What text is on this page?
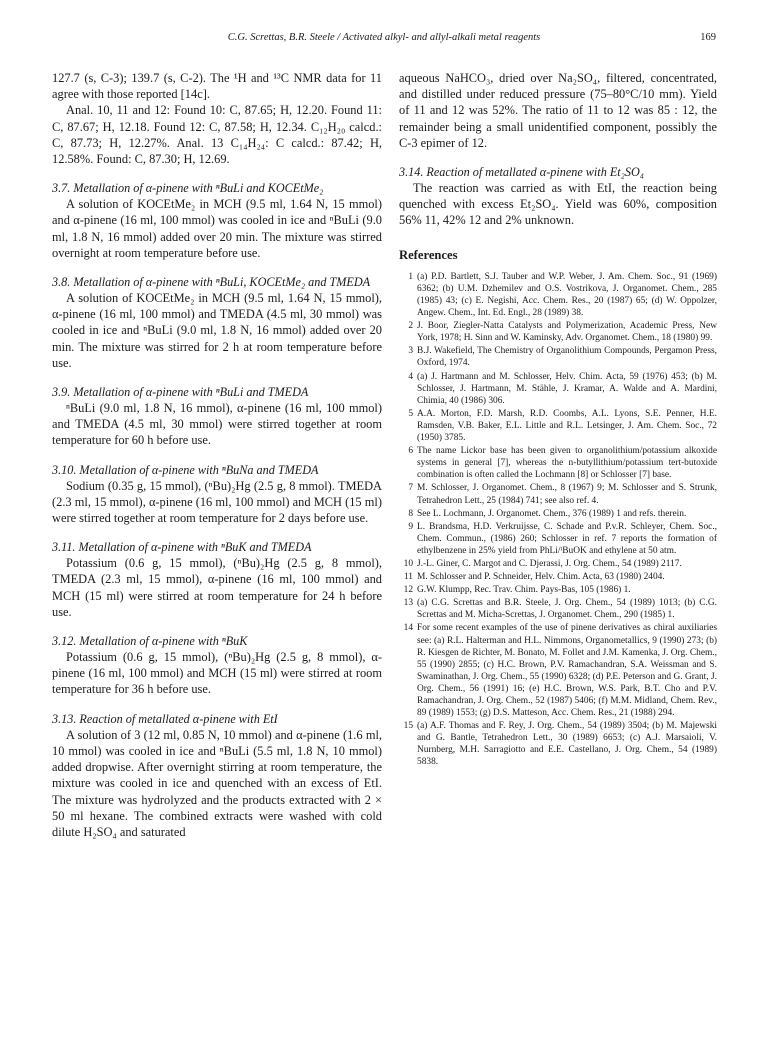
C.G. Screttas, B.R. Steele / Activated alkyl- and allyl-alkali metal reagents	169

127.7 (s, C-3); 139.7 (s, C-2). The ¹H and ¹³C NMR data for 11 agree with those reported [14c].

Anal. 10, 11 and 12: Found 10: C, 87.65; H, 12.20. Found 11: C, 87.67; H, 12.18. Found 12: C, 87.58; H, 12.34. C₁₂H₂₀ calcd.: C, 87.73; H, 12.27%. Anal. 13 C₁₄H₂₄: C calcd.: 87.42; H, 12.58%. Found: C, 87.30; H, 12.69.

3.7. Metallation of α-pinene with ⁿBuLi and KOCEtMe₂

A solution of KOCEtMe₂ in MCH (9.5 ml, 1.64 N, 15 mmol) and α-pinene (16 ml, 100 mmol) was cooled in ice and ⁿBuLi (9.0 ml, 1.8 N, 16 mmol) added over 20 min. The mixture was stirred overnight at room temperature before use.

3.8. Metallation of α-pinene with ⁿBuLi, KOCEtMe₂ and TMEDA

A solution of KOCEtMe₂ in MCH (9.5 ml, 1.64 N, 15 mmol), α-pinene (16 ml, 100 mmol) and TMEDA (4.5 ml, 30 mmol) was cooled in ice and ⁿBuLi (9.0 ml, 1.8 N, 16 mmol) added over 20 min. The mixture was stirred for 2 h at room temperature before use.

3.9. Metallation of α-pinene with ⁿBuLi and TMEDA

ⁿBuLi (9.0 ml, 1.8 N, 16 mmol), α-pinene (16 ml, 100 mmol) and TMEDA (4.5 ml, 30 mmol) were stirred together at room temperature for 60 h before use.

3.10. Metallation of α-pinene with ⁿBuNa and TMEDA

Sodium (0.35 g, 15 mmol), (ⁿBu)₂Hg (2.5 g, 8 mmol). TMEDA (2.3 ml, 15 mmol), α-pinene (16 ml, 100 mmol) and MCH (15 ml) were stirred together at room temperature for 2 days before use.

3.11. Metallation of α-pinene with ⁿBuK and TMEDA

Potassium (0.6 g, 15 mmol), (ⁿBu)₂Hg (2.5 g, 8 mmol), TMEDA (2.3 ml, 15 mmol), α-pinene (16 ml, 100 mmol) and MCH (15 ml) were stirred at room temperature for 24 h before use.

3.12. Metallation of α-pinene with ⁿBuK

Potassium (0.6 g, 15 mmol), (ⁿBu)₂Hg (2.5 g, 8 mmol), α-pinene (16 ml, 100 mmol) and MCH (15 ml) were stirred at room temperature for 36 h before use.

3.13. Reaction of metallated α-pinene with EtI

A solution of 3 (12 ml, 0.85 N, 10 mmol) and α-pinene (1.6 ml, 10 mmol) was cooled in ice and ⁿBuLi (5.5 ml, 1.8 N, 10 mmol) added dropwise. After overnight stirring at room temperature, the mixture was cooled in ice and quenched with an excess of EtI. The mixture was hydrolyzed and the products extracted with 2 × 50 ml hexane. The combined extracts were washed with cold dilute H₂SO₄ and saturated

aqueous NaHCO₃, dried over Na₂SO₄, filtered, concentrated, and distilled under reduced pressure (75–80°C/10 mm). Yield of 11 and 12 was 52%. The ratio of 11 to 12 was 85 : 12, the remainder being a small unidentified component, possibly the C-3 epimer of 12.

3.14. Reaction of metallated α-pinene with Et₂SO₄

The reaction was carried as with EtI, the reaction being quenched with excess Et₂SO₄. Yield was 60%, composition 56% 11, 42% 12 and 2% unknown.

References
1 (a) P.D. Bartlett, S.J. Tauber and W.P. Weber, J. Am. Chem. Soc., 91 (1969) 6362; (b) U.M. Dzhemilev and O.S. Vostrikova, J. Organomet. Chem., 285 (1985) 43; (c) E. Negishi, Acc. Chem. Res., 20 (1987) 65; (d) W. Oppolzer, Angew. Chem., Int. Ed. Engl., 28 (1989) 38.
2 J. Boor, Ziegler-Natta Catalysts and Polymerization, Academic Press, New York, 1978; H. Sinn and W. Kaminsky, Adv. Organomet. Chem., 18 (1980) 99.
3 B.J. Wakefield, The Chemistry of Organolithium Compounds, Pergamon Press, Oxford, 1974.
4 (a) J. Hartmann and M. Schlosser, Helv. Chim. Acta, 59 (1976) 453; (b) M. Schlosser, J. Hartmann, M. Stähle, J. Kramar, A. Walde and A. Mardini, Chimia, 40 (1986) 306.
5 A.A. Morton, F.D. Marsh, R.D. Coombs, A.L. Lyons, S.E. Penner, H.E. Ramsden, V.B. Baker, E.L. Little and R.L. Letsinger, J. Am. Chem. Soc., 72 (1950) 3785.
6 The name Lickor base has been given to organolithium/potassium alkoxide systems in general [7], whereas the n-butyllithium/potassium tert-butoxide combination is often called the Lochmann [8] or Schlosser [7] base.
7 M. Schlosser, J. Organomet. Chem., 8 (1967) 9; M. Schlosser and S. Strunk, Tetrahedron Lett., 25 (1984) 741; see also ref. 4.
8 See L. Lochmann, J. Organomet. Chem., 376 (1989) 1 and refs. therein.
9 L. Brandsma, H.D. Verkruijsse, C. Schade and P.v.R. Schleyer, Chem. Soc., Chem. Commun., (1986) 260; Schlosser in ref. 7 reports the formation of ethylbenzene in 25% yield from PhLi/ᵗBuOK and ethylene at 50 atm.
10 J.-L. Giner, C. Margot and C. Djerassi, J. Org. Chem., 54 (1989) 2117.
11 M. Schlosser and P. Schneider, Helv. Chim. Acta, 63 (1980) 2404.
12 G.W. Klumpp, Rec. Trav. Chim. Pays-Bas, 105 (1986) 1.
13 (a) C.G. Screttas and B.R. Steele, J. Org. Chem., 54 (1989) 1013; (b) C.G. Screttas and M. Micha-Screttas, J. Organomet. Chem., 290 (1985) 1.
14 For some recent examples of the use of pinene derivatives as chiral auxiliaries see: (a) R.L. Halterman and H.L. Nimmons, Organometallics, 9 (1990) 273; (b) R. Kiesgen de Richter, M. Bonato, M. Follet and J.M. Kamenka, J. Org. Chem., 55 (1990) 2855; (c) H.C. Brown, P.V. Ramachandran, S.A. Weissman and S. Swaminathan, J. Org. Chem., 55 (1990) 6328; (d) P.E. Peterson and G. Grant, J. Org. Chem., 56 (1991) 16; (e) H.C. Brown, W.S. Park, B.T. Cho and P.V. Ramachandran, J. Org. Chem., 52 (1987) 5406; (f) M.M. Midland, Chem. Rev., 89 (1989) 1553; (g) D.S. Matteson, Acc. Chem. Res., 21 (1988) 294.
15 (a) A.F. Thomas and F. Rey, J. Org. Chem., 54 (1989) 3504; (b) M. Majewski and G. Bantle, Tetrahedron Lett., 30 (1989) 6653; (c) A.J. Marsaioli, V. Nurnberg, M.H. Sarragiotto and E.E. Castellano, J. Org. Chem., 54 (1989) 5838.
